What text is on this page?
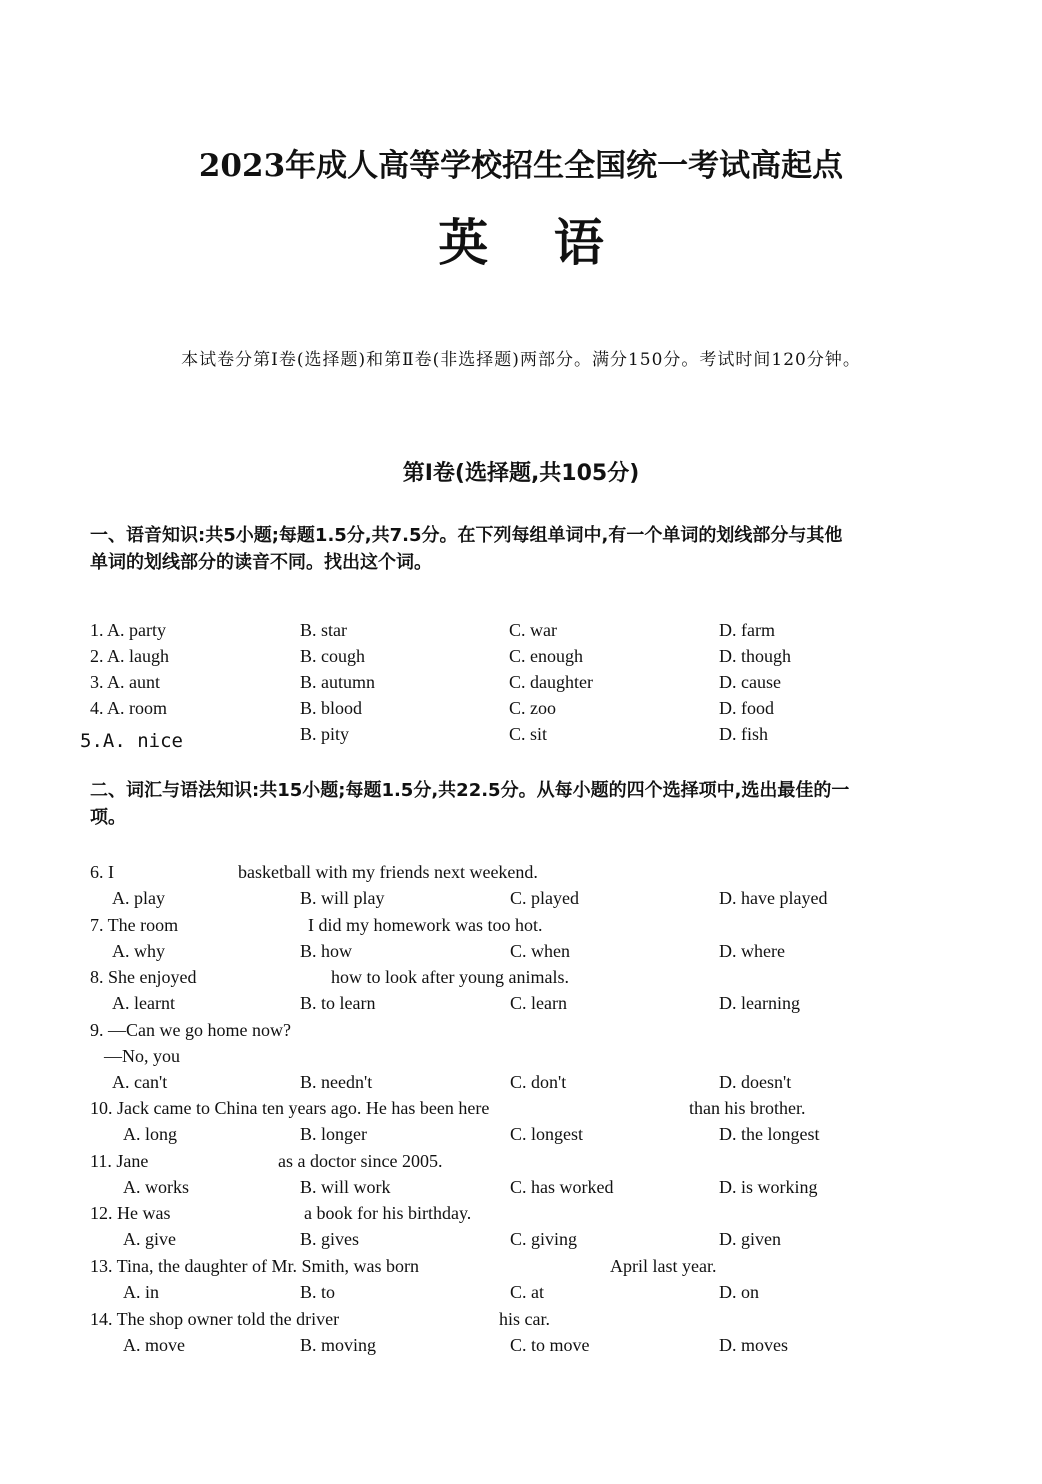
2023年成人高等学校招生全国统一考试高起点
英 语
本试卷分第Ⅰ卷(选择题)和第Ⅱ卷(非选择题)两部分。满分150分。考试时间120分钟。
第Ⅰ卷(选择题,共105分)
一、语音知识:共5小题;每题1.5分,共7.5分。在下列每组单词中,有一个单词的划线部分与其他
单词的划线部分的读音不同。找出这个词。
1. A. party	B. star	C. war	D. farm
2. A. laugh	B. cough	C. enough	D. though
3. A. aunt	B. autumn	C. daughter	D. cause
4. A. room	B. blood	C. zoo	D. food
5.A. nice	B. pity	C. sit	D. fish
二、词汇与语法知识:共15小题;每题1.5分,共22.5分。从每小题的四个选择项中,选出最佳的一
项。
6. I	basketball with my friends next weekend.
A. play	B. will play	C. played	D. have played
7. The room	I did my homework was too hot.
A. why	B. how	C. when	D. where
8. She enjoyed	how to look after young animals.
A. learnt	B. to learn	C. learn	D. learning
9. —Can we go home now?
—No, you
A. can't	B. needn't	C. don't	D. doesn't
10. Jack came to China ten years ago. He has been here	than his brother.
A. long	B. longer	C. longest	D. the longest
11. Jane	as a doctor since 2005.
A. works	B. will work	C. has worked	D. is working
12. He was	a book for his birthday.
A. give	B. gives	C. giving	D. given
13. Tina, the daughter of Mr. Smith, was born	April last year.
A. in	B. to	C. at	D. on
14. The shop owner told the driver	his car.
A. move	B. moving	C. to move	D. moves
